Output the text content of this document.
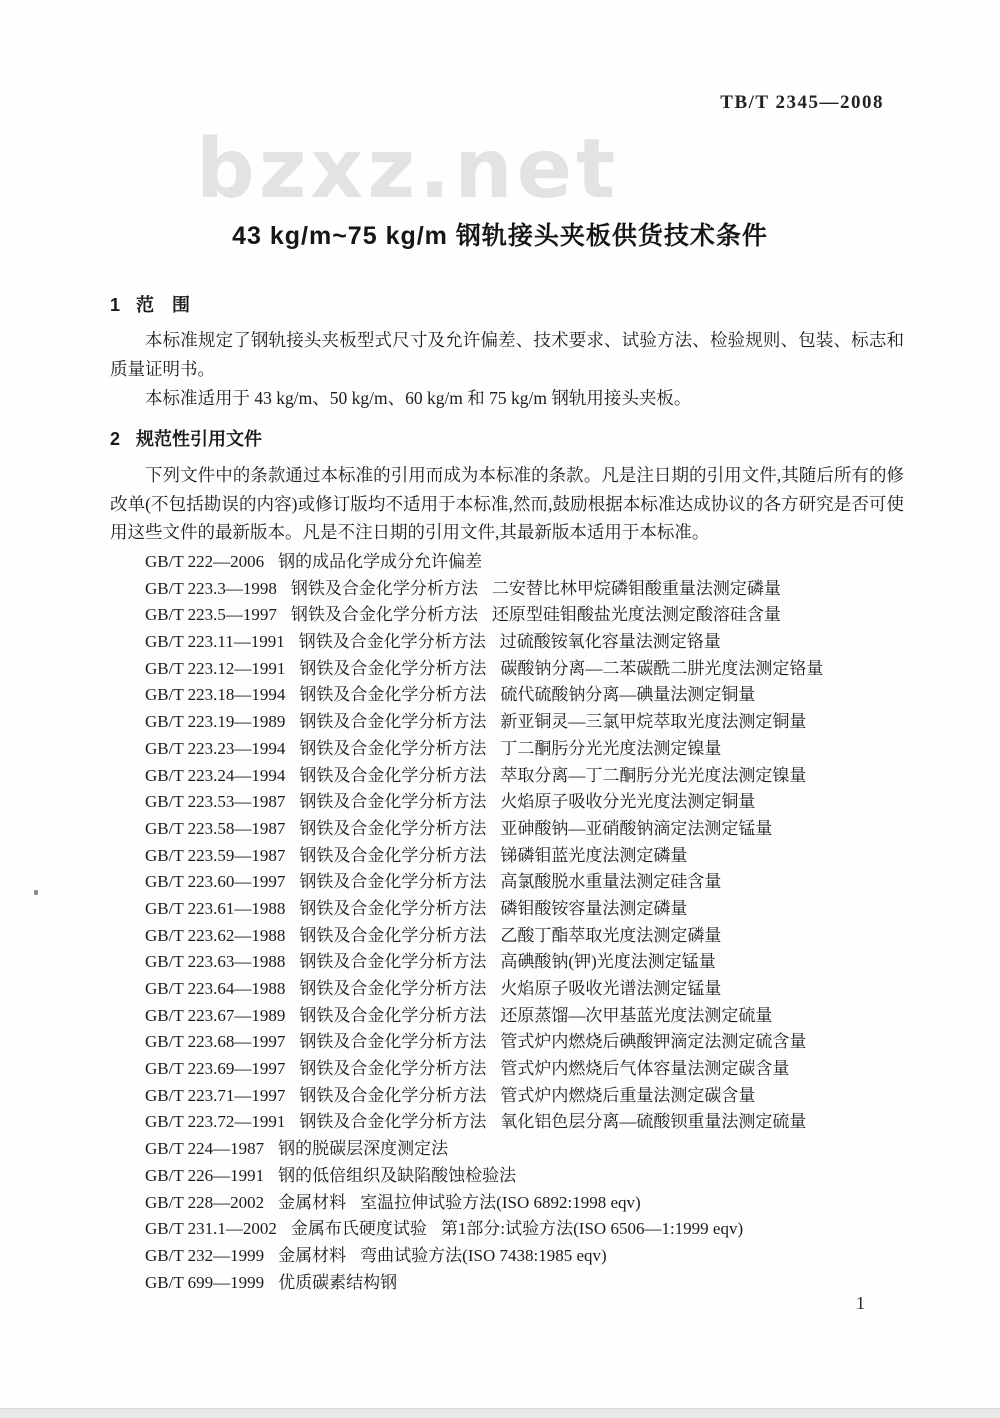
TB/T 2345—2008
bzxz.net
43 kg/m~75 kg/m 钢轨接头夹板供货技术条件
1 范　围
本标准规定了钢轨接头夹板型式尺寸及允许偏差、技术要求、试验方法、检验规则、包装、标志和质量证明书。
本标准适用于 43 kg/m、50 kg/m、60 kg/m 和 75 kg/m 钢轨用接头夹板。
2 规范性引用文件
下列文件中的条款通过本标准的引用而成为本标准的条款。凡是注日期的引用文件,其随后所有的修改单(不包括勘误的内容)或修订版均不适用于本标准,然而,鼓励根据本标准达成协议的各方研究是否可使用这些文件的最新版本。凡是不注日期的引用文件,其最新版本适用于本标准。
GB/T 222—2006 钢的成品化学成分允许偏差
GB/T 223.3—1998 钢铁及合金化学分析方法 二安替比林甲烷磷钼酸重量法测定磷量
GB/T 223.5—1997 钢铁及合金化学分析方法 还原型硅钼酸盐光度法测定酸溶硅含量
GB/T 223.11—1991 钢铁及合金化学分析方法 过硫酸铵氧化容量法测定铬量
GB/T 223.12—1991 钢铁及合金化学分析方法 碳酸钠分离—二苯碳酰二肼光度法测定铬量
GB/T 223.18—1994 钢铁及合金化学分析方法 硫代硫酸钠分离—碘量法测定铜量
GB/T 223.19—1989 钢铁及合金化学分析方法 新亚铜灵—三氯甲烷萃取光度法测定铜量
GB/T 223.23—1994 钢铁及合金化学分析方法 丁二酮肟分光光度法测定镍量
GB/T 223.24—1994 钢铁及合金化学分析方法 萃取分离—丁二酮肟分光光度法测定镍量
GB/T 223.53—1987 钢铁及合金化学分析方法 火焰原子吸收分光光度法测定铜量
GB/T 223.58—1987 钢铁及合金化学分析方法 亚砷酸钠—亚硝酸钠滴定法测定锰量
GB/T 223.59—1987 钢铁及合金化学分析方法 锑磷钼蓝光度法测定磷量
GB/T 223.60—1997 钢铁及合金化学分析方法 高氯酸脱水重量法测定硅含量
GB/T 223.61—1988 钢铁及合金化学分析方法 磷钼酸铵容量法测定磷量
GB/T 223.62—1988 钢铁及合金化学分析方法 乙酸丁酯萃取光度法测定磷量
GB/T 223.63—1988 钢铁及合金化学分析方法 高碘酸钠(钾)光度法测定锰量
GB/T 223.64—1988 钢铁及合金化学分析方法 火焰原子吸收光谱法测定锰量
GB/T 223.67—1989 钢铁及合金化学分析方法 还原蒸馏—次甲基蓝光度法测定硫量
GB/T 223.68—1997 钢铁及合金化学分析方法 管式炉内燃烧后碘酸钾滴定法测定硫含量
GB/T 223.69—1997 钢铁及合金化学分析方法 管式炉内燃烧后气体容量法测定碳含量
GB/T 223.71—1997 钢铁及合金化学分析方法 管式炉内燃烧后重量法测定碳含量
GB/T 223.72—1991 钢铁及合金化学分析方法 氧化铝色层分离—硫酸钡重量法测定硫量
GB/T 224—1987 钢的脱碳层深度测定法
GB/T 226—1991 钢的低倍组织及缺陷酸蚀检验法
GB/T 228—2002 金属材料 室温拉伸试验方法(ISO 6892:1998 eqv)
GB/T 231.1—2002 金属布氏硬度试验 第1部分:试验方法(ISO 6506—1:1999 eqv)
GB/T 232—1999 金属材料 弯曲试验方法(ISO 7438:1985 eqv)
GB/T 699—1999 优质碳素结构钢
1
